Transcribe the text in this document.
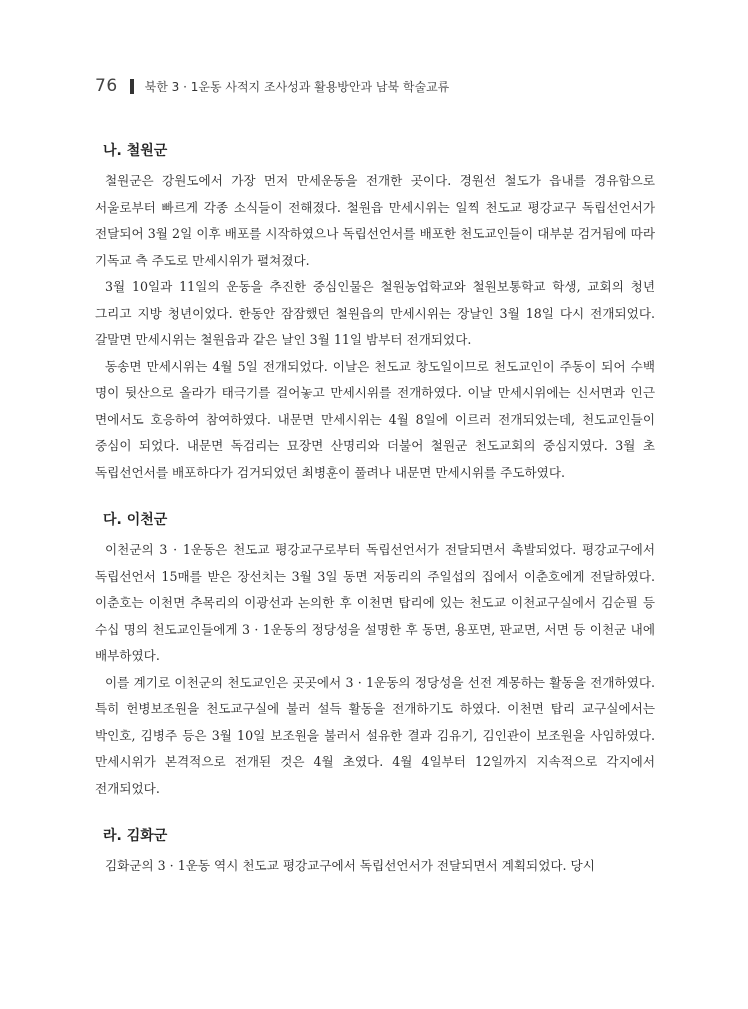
76 북한 3 · 1운동 사적지 조사성과 활용방안과 남북 학술교류
나. 철원군

철원군은 강원도에서 가장 먼저 만세운동을 전개한 곳이다. 경원선 철도가 읍내를 경유함으로 서울로부터 빠르게 각종 소식들이 전해졌다. 철원읍 만세시위는 일찍 천도교 평강교구 독립선언서가 전달되어 3월 2일 이후 배포를 시작하였으나 독립선언서를 배포한 천도교인들이 대부분 검거됨에 따라 기독교 측 주도로 만세시위가 펼쳐졌다.

3월 10일과 11일의 운동을 추진한 중심인물은 철원농업학교와 철원보통학교 학생, 교회의 청년 그리고 지방 청년이었다. 한동안 잠잠했던 철원읍의 만세시위는 장날인 3월 18일 다시 전개되었다. 갈말면 만세시위는 철원읍과 같은 날인 3월 11일 밤부터 전개되었다.

동송면 만세시위는 4월 5일 전개되었다. 이날은 천도교 창도일이므로 천도교인이 주동이 되어 수백 명이 뒷산으로 올라가 태극기를 걸어놓고 만세시위를 전개하였다. 이날 만세시위에는 신서면과 인근 면에서도 호응하여 참여하였다. 내문면 만세시위는 4월 8일에 이르러 전개되었는데, 천도교인들이 중심이 되었다. 내문면 독검리는 묘장면 산명리와 더불어 철원군 천도교회의 중심지였다. 3월 초 독립선언서를 배포하다가 검거되었던 최병훈이 풀려나 내문면 만세시위를 주도하였다.

다. 이천군

이천군의 3 · 1운동은 천도교 평강교구로부터 독립선언서가 전달되면서 촉발되었다. 평강교구에서 독립선언서 15매를 받은 장선치는 3월 3일 동면 저동리의 주일섭의 집에서 이춘호에게 전달하였다. 이춘호는 이천면 추목리의 이광선과 논의한 후 이천면 탑리에 있는 천도교 이천교구실에서 김순필 등 수십 명의 천도교인들에게 3 · 1운동의 정당성을 설명한 후 동면, 용포면, 판교면, 서면 등 이천군 내에 배부하였다.

이를 계기로 이천군의 천도교인은 곳곳에서 3 · 1운동의 정당성을 선전 계몽하는 활동을 전개하였다. 특히 헌병보조원을 천도교구실에 불러 설득 활동을 전개하기도 하였다. 이천면 탑리 교구실에서는 박인호, 김병주 등은 3월 10일 보조원을 불러서 설유한 결과 김유기, 김인관이 보조원을 사임하였다. 만세시위가 본격적으로 전개된 것은 4월 초였다. 4월 4일부터 12일까지 지속적으로 각지에서 전개되었다.

라. 김화군

김화군의 3 · 1운동 역시 천도교 평강교구에서 독립선언서가 전달되면서 계획되었다. 당시
